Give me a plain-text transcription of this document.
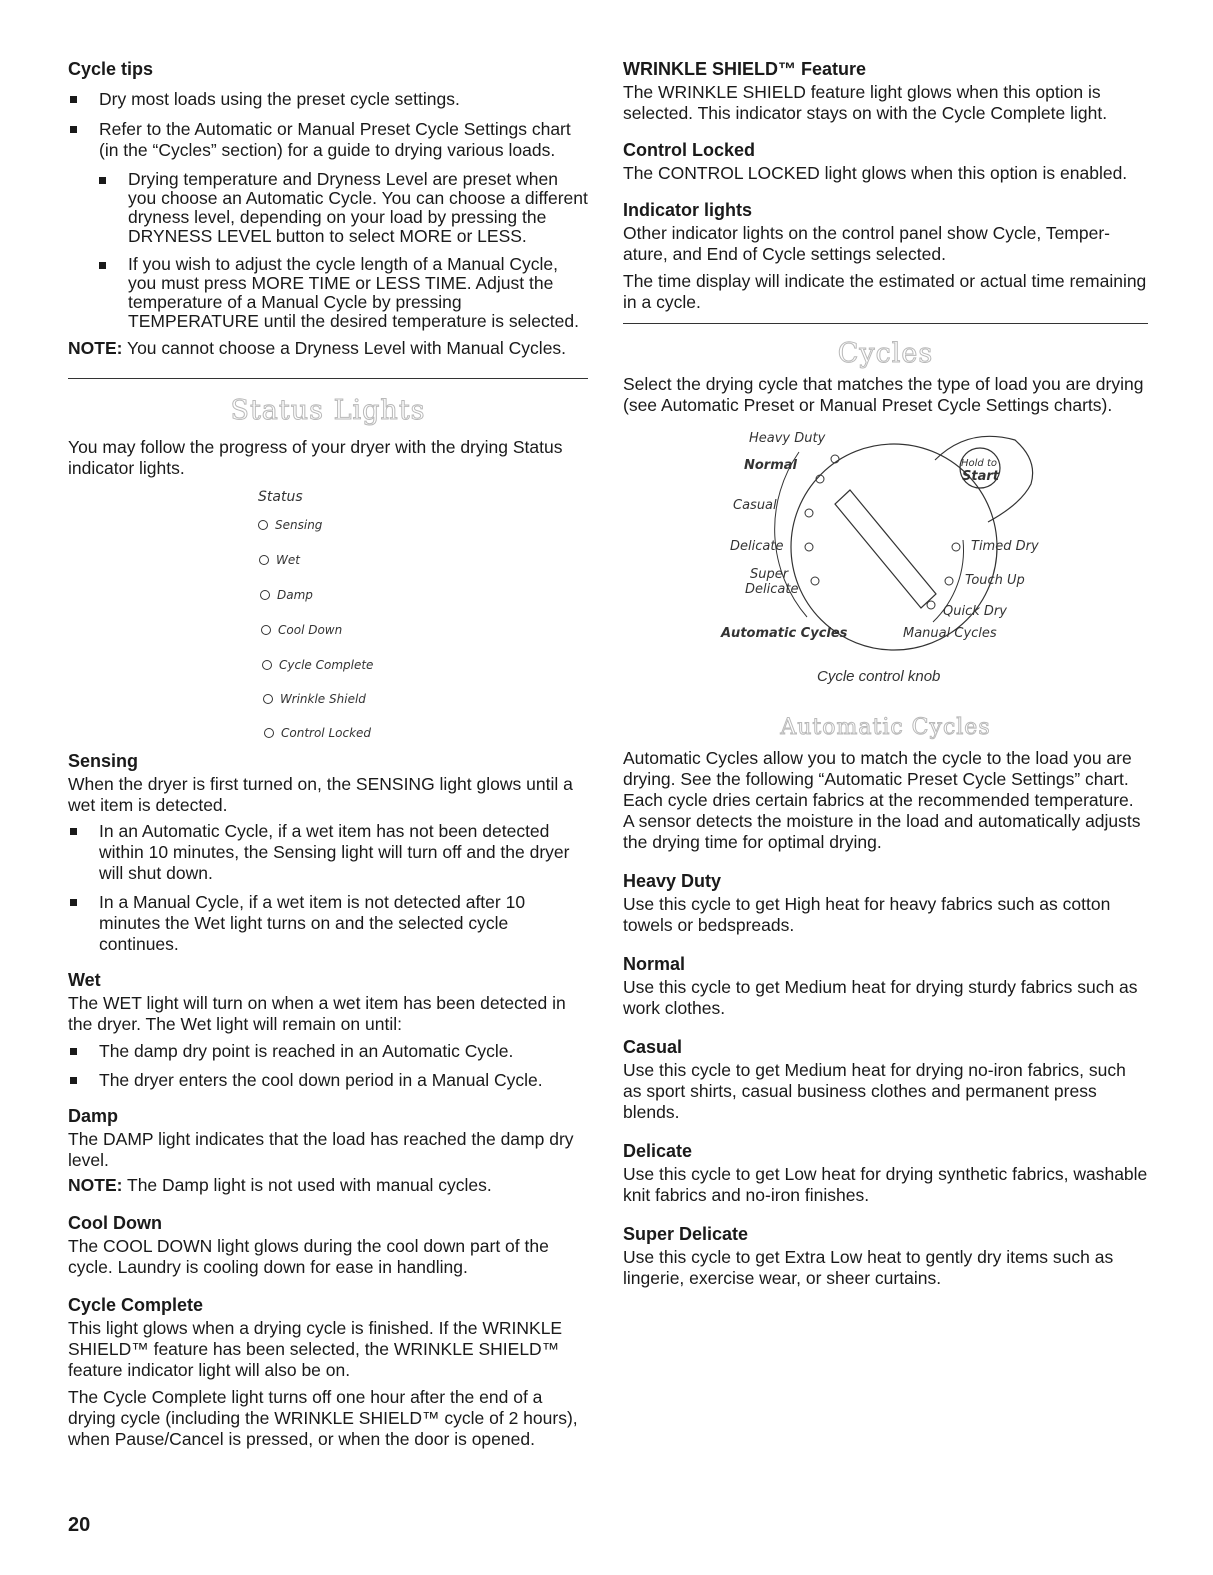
Cycle tips
Dry most loads using the preset cycle settings.
Refer to the Automatic or Manual Preset Cycle Settings chart (in the “Cycles” section) for a guide to drying various loads.
Drying temperature and Dryness Level are preset when you choose an Automatic Cycle. You can choose a different dryness level, depending on your load by pressing the DRYNESS LEVEL button to select MORE or LESS.
If you wish to adjust the cycle length of a Manual Cycle, you must press MORE TIME or LESS TIME. Adjust the temperature of a Manual Cycle by pressing TEMPERATURE until the desired temperature is selected.

NOTE: You cannot choose a Dryness Level with Manual Cycles.

Status Lights

You may follow the progress of your dryer with the drying Status indicator lights.

Status
Sensing
Wet
Damp
Cool Down
Cycle Complete
Wrinkle Shield
Control Locked
Sensing

When the dryer is first turned on, the SENSING light glows until a wet item is detected.

In an Automatic Cycle, if a wet item has not been detected within 10 minutes, the Sensing light will turn off and the dryer will shut down.
In a Manual Cycle, if a wet item is not detected after 10 minutes the Wet light turns on and the selected cycle continues.
Wet

The WET light will turn on when a wet item has been detected in the dryer. The Wet light will remain on until:

The damp dry point is reached in an Automatic Cycle.
The dryer enters the cool down period in a Manual Cycle.
Damp

The DAMP light indicates that the load has reached the damp dry level.

NOTE: The Damp light is not used with manual cycles.

Cool Down

The COOL DOWN light glows during the cool down part of the cycle. Laundry is cooling down for ease in handling.

Cycle Complete

This light glows when a drying cycle is finished. If the WRINKLE SHIELD™ feature has been selected, the WRINKLE SHIELD™ feature indicator light will also be on.

The Cycle Complete light turns off one hour after the end of a drying cycle (including the WRINKLE SHIELD™ cycle of 2 hours), when Pause/Cancel is pressed, or when the door is opened.

WRINKLE SHIELD™ Feature

The WRINKLE SHIELD feature light glows when this option is selected. This indicator stays on with the Cycle Complete light.

Control Locked

The CONTROL LOCKED light glows when this option is enabled.

Indicator lights

Other indicator lights on the control panel show Cycle, Temper-ature, and End of Cycle settings selected.

The time display will indicate the estimated or actual time remaining in a cycle.

Cycles

Select the drying cycle that matches the type of load you are drying (see Automatic Preset or Manual Preset Cycle Settings charts).

Heavy Duty
Normal
Casual
Delicate
Super
Delicate
Hold to
Start
Timed Dry
Touch Up
Quick Dry
Automatic Cycles	Manual Cycles
Cycle control knob
Automatic Cycles

Automatic Cycles allow you to match the cycle to the load you are drying. See the following “Automatic Preset Cycle Settings” chart. Each cycle dries certain fabrics at the recommended temperature. A sensor detects the moisture in the load and automatically adjusts the drying time for optimal drying.

Heavy Duty

Use this cycle to get High heat for heavy fabrics such as cotton towels or bedspreads.

Normal

Use this cycle to get Medium heat for drying sturdy fabrics such as work clothes.

Casual

Use this cycle to get Medium heat for drying no-iron fabrics, such as sport shirts, casual business clothes and permanent press blends.

Delicate

Use this cycle to get Low heat for drying synthetic fabrics, washable knit fabrics and no-iron finishes.

Super Delicate

Use this cycle to get Extra Low heat to gently dry items such as lingerie, exercise wear, or sheer curtains.

20
